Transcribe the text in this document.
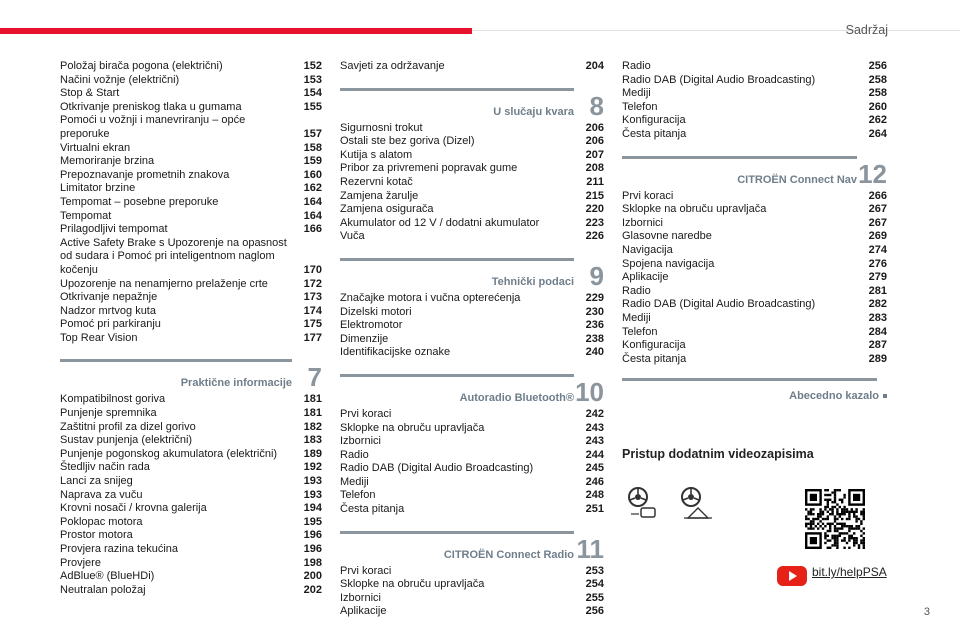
Sadržaj
Položaj birača pogona (električni)	152
Načini vožnje (električni)	153
Stop & Start	154
Otkrivanje preniskog tlaka u gumama	155
Pomoći u vožnji i manevriranju – opće preporuke	157
Virtualni ekran	158
Memoriranje brzina	159
Prepoznavanje prometnih znakova	160
Limitator brzine	162
Tempomat – posebne preporuke	164
Tempomat	164
Prilagodljivi tempomat	166
Active Safety Brake s Upozorenje na opasnost od sudara i Pomoć pri inteligentnom naglom kočenju	170
Upozorenje na nenamjerno prelaženje crte	172
Otkrivanje nepažnje	173
Nadzor mrtvog kuta	174
Pomoć pri parkiranju	175
Top Rear Vision	177
Praktične informacije 7
Kompatibilnost goriva	181
Punjenje spremnika	181
Zaštitni profil za dizel gorivo	182
Sustav punjenja (električni)	183
Punjenje pogonskog akumulatora (električni)	189
Štedljiv način rada	192
Lanci za snijeg	193
Naprava za vuču	193
Krovni nosači / krovna galerija	194
Poklopac motora	195
Prostor motora	196
Provjera razina tekućina	196
Provjere	198
AdBlue® (BlueHDi)	200
Neutralan položaj	202
Savjeti za održavanje	204
U slučaju kvara 8
Sigurnosni trokut	206
Ostali ste bez goriva (Dizel)	206
Kutija s alatom	207
Pribor za privremeni popravak gume	208
Rezervni kotač	211
Zamjena žarulje	215
Zamjena osigurača	220
Akumulator od 12 V / dodatni akumulator	223
Vuča	226
Tehnički podaci 9
Značajke motora i vučna opterećenja	229
Dizelski motori	230
Elektromotor	236
Dimenzije	238
Identifikacijske oznake	240
Autoradio Bluetooth® 10
Prvi koraci	242
Sklopke na obruču upravljača	243
Izbornici	243
Radio	244
Radio DAB (Digital Audio Broadcasting)	245
Mediji	246
Telefon	248
Česta pitanja	251
CITROËN Connect Radio 11
Prvi koraci	253
Sklopke na obruču upravljača	254
Izbornici	255
Aplikacije	256
Radio	256
Radio DAB (Digital Audio Broadcasting)	258
Mediji	258
Telefon	260
Konfiguracija	262
Česta pitanja	264
CITROËN Connect Nav 12
Prvi koraci	266
Sklopke na obruču upravljača	267
Izbornici	267
Glasovne naredbe	269
Navigacija	274
Spojena navigacija	276
Aplikacije	279
Radio	281
Radio DAB (Digital Audio Broadcasting)	282
Mediji	283
Telefon	284
Konfiguracija	287
Česta pitanja	289
Abecedno kazalo
Pristup dodatnim videozapisima
bit.ly/helpPSA
3
